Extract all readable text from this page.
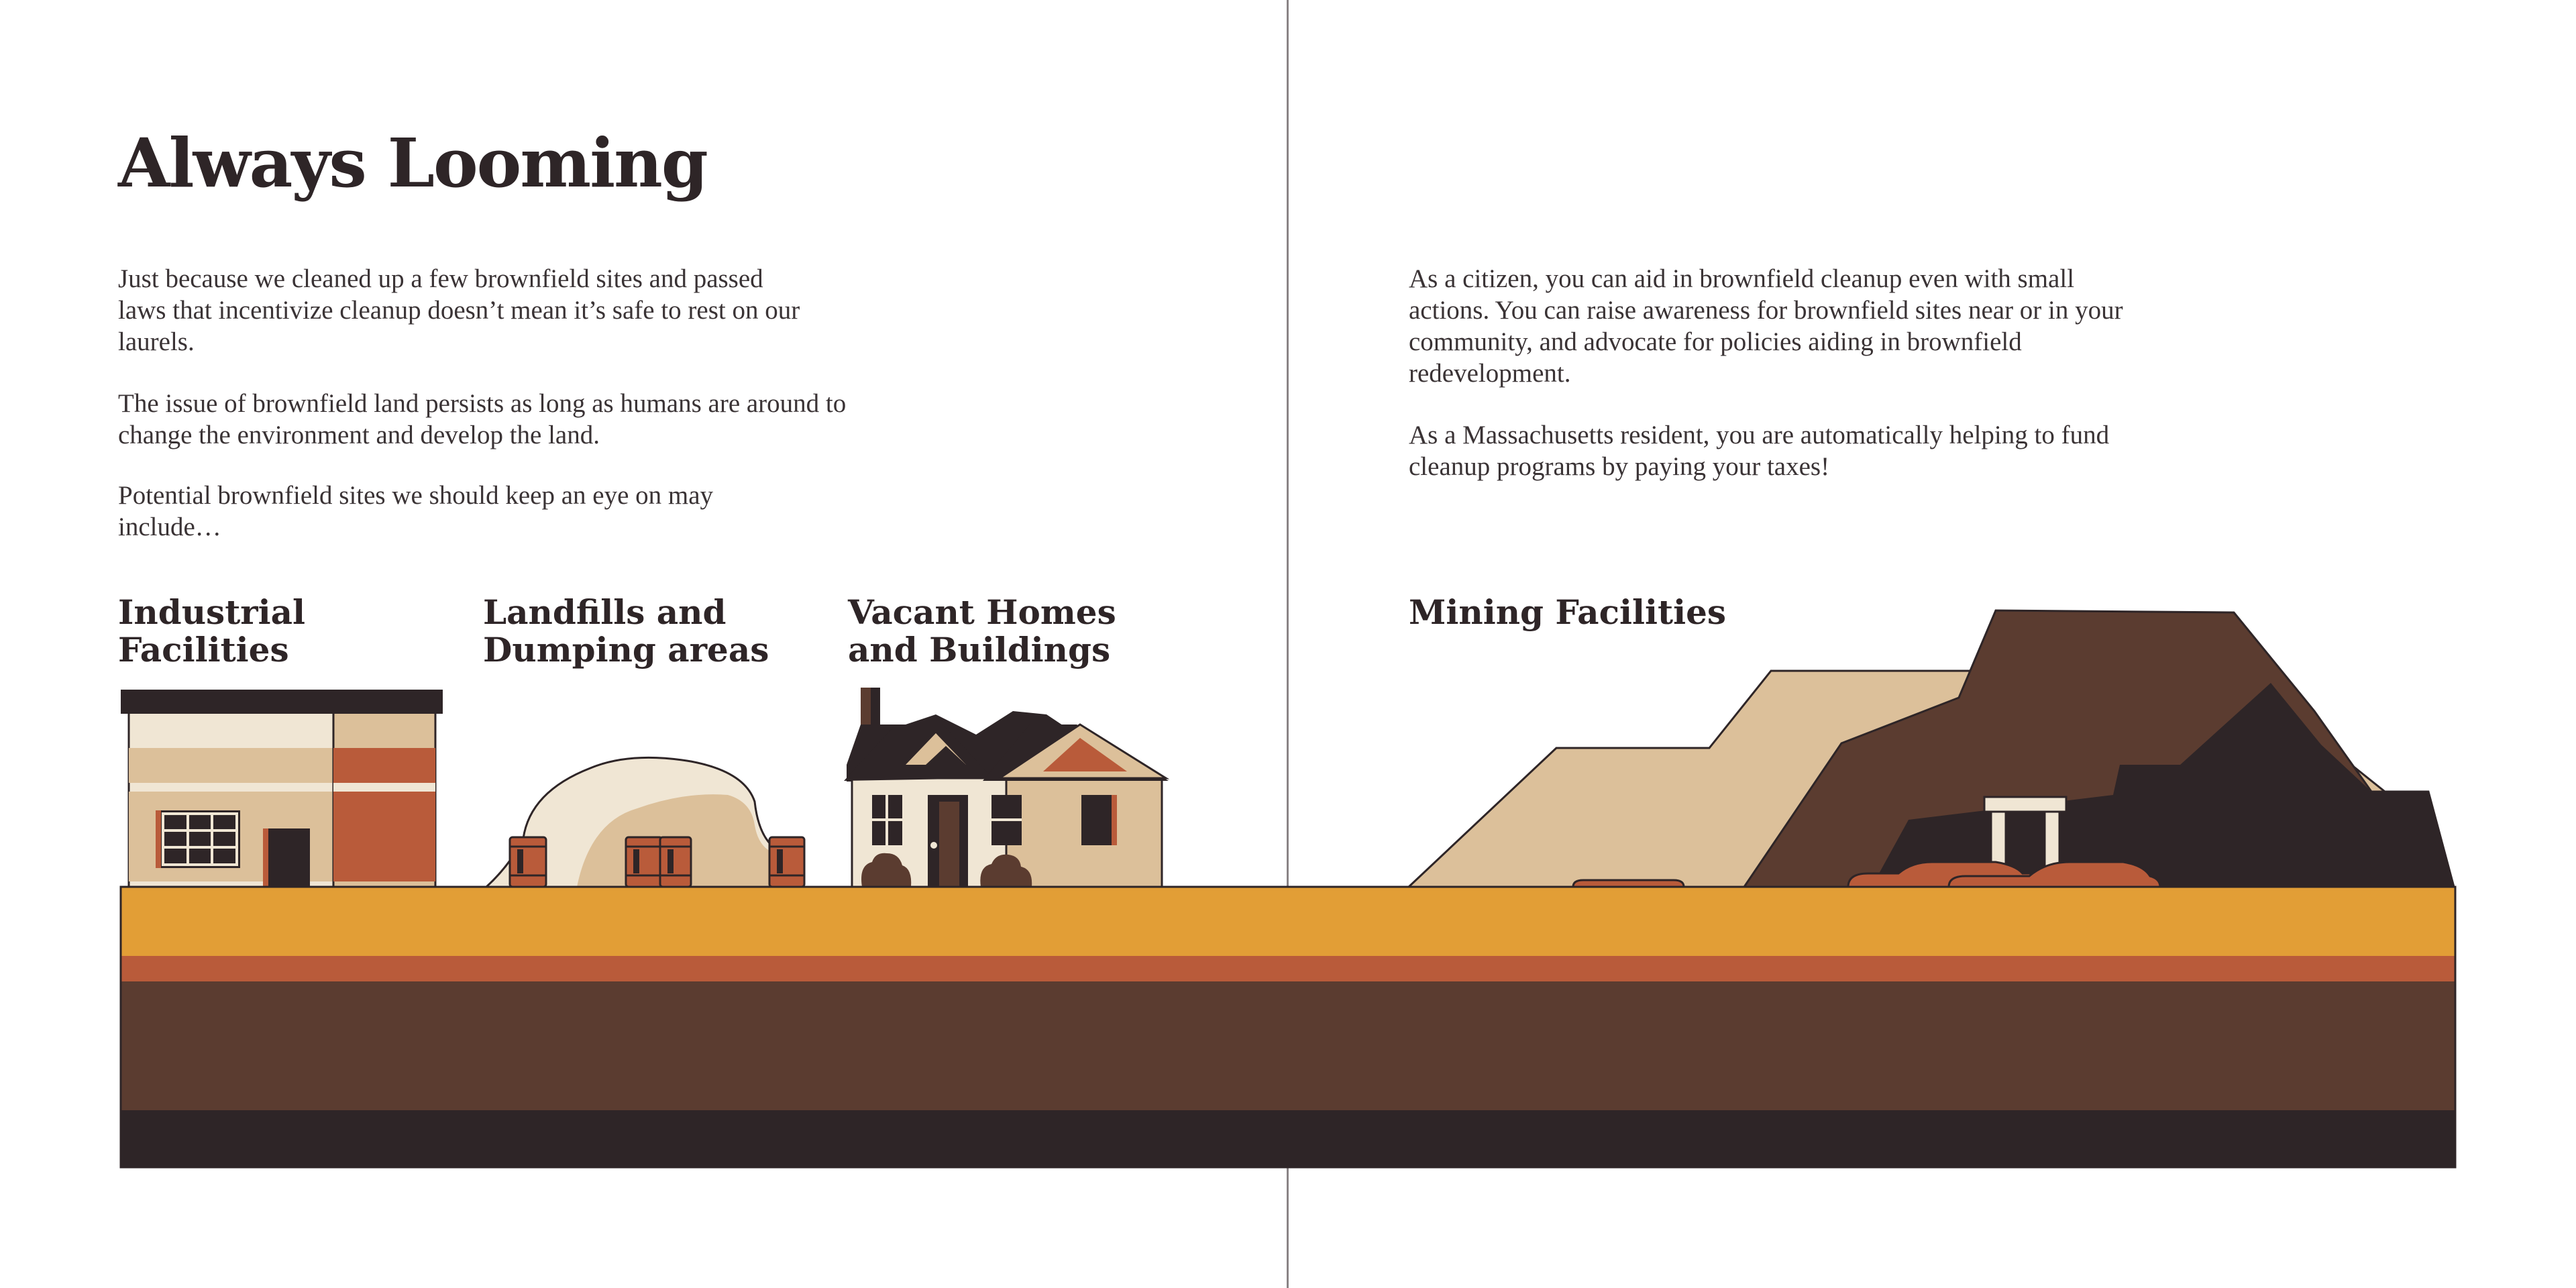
Always Looming

Just because we cleaned up a few brownfield sites and passed laws that incentivize cleanup doesn’t mean it’s safe to rest on our laurels.

The issue of brownfield land persists as long as humans are around to change the environment and develop the land.

Potential brownfield sites we should keep an eye on may include…

As a citizen, you can aid in brownfield cleanup even with small actions. You can raise awareness for brownfield sites near or in your community, and advocate for policies aiding in brownfield redevelopment.

As a Massachusetts resident, you are automatically helping to fund cleanup programs by paying your taxes!

Industrial Facilities
Landfills and Dumping areas
Vacant Homes and Buildings
Mining Facilities
